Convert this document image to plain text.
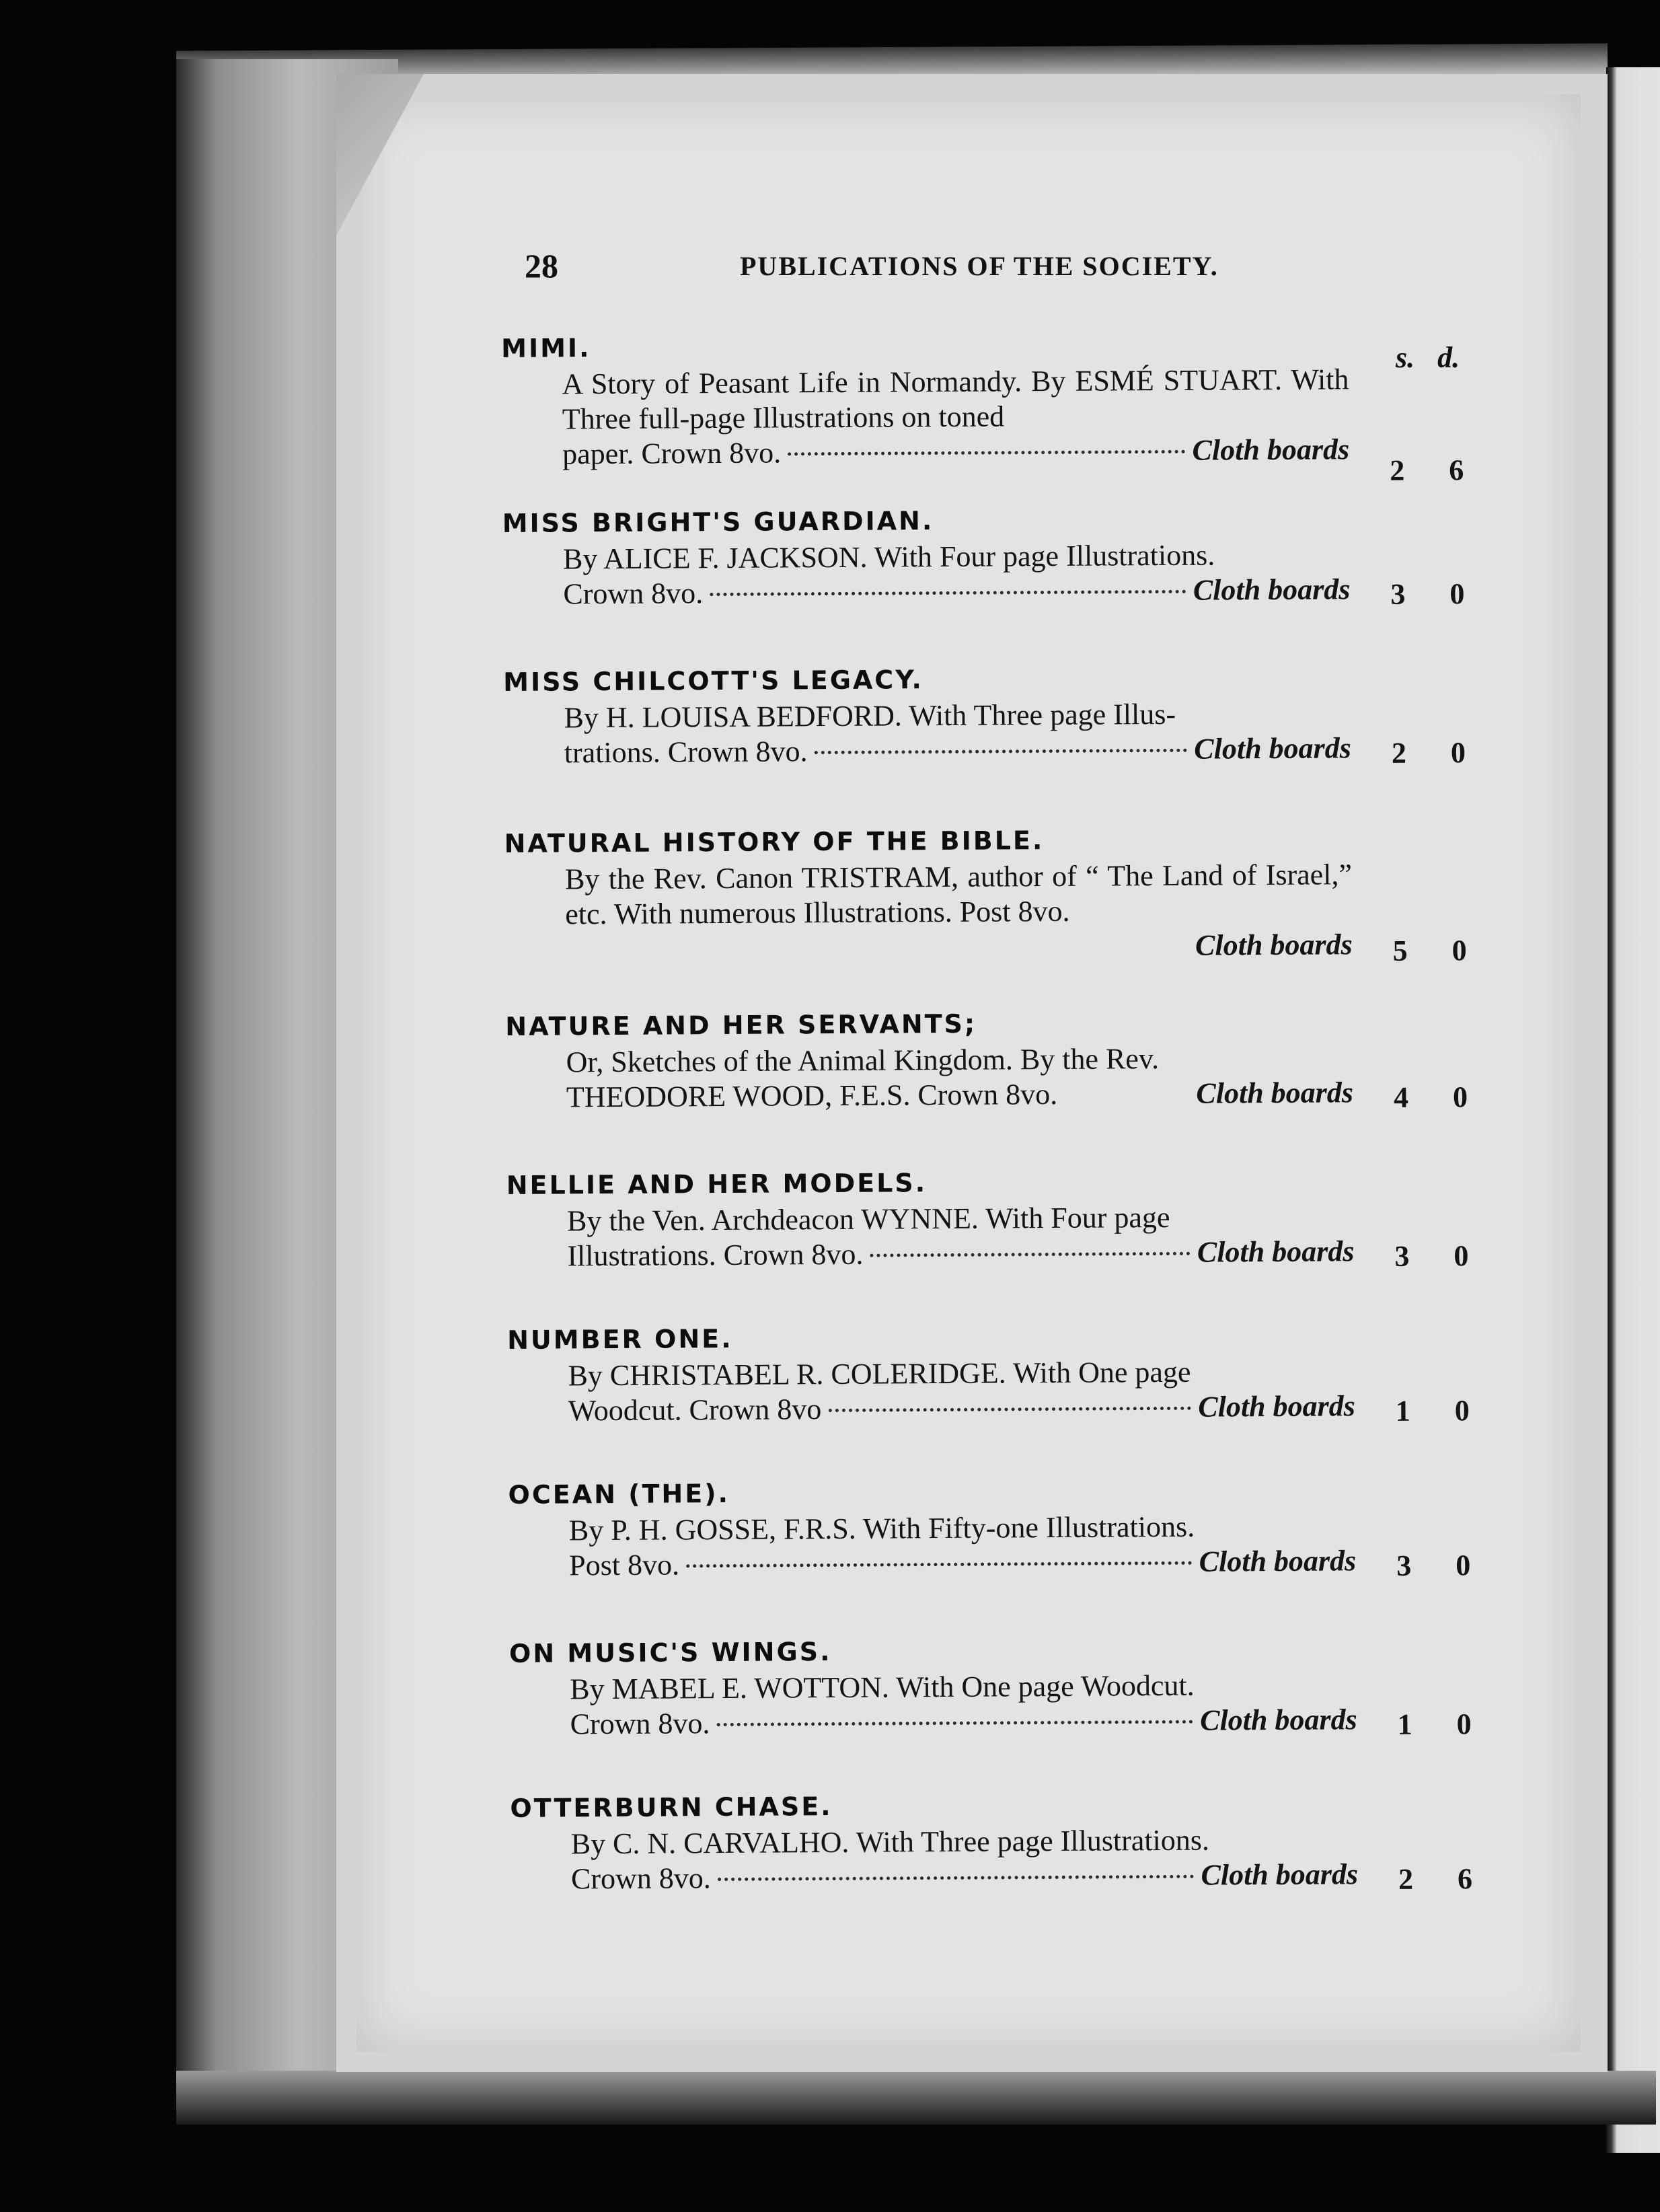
28	PUBLICATIONS OF THE SOCIETY.
s. d.
MIMI.
A Story of Peasant Life in Normandy. By ESMÉ STUART. With Three full-page Illustrations on toned
paper. Crown 8vo.	Cloth boards
2 6
MISS BRIGHT'S GUARDIAN.
By ALICE F. JACKSON. With Four page Illustrations.
Crown 8vo.	Cloth boards 3 0
MISS CHILCOTT'S LEGACY.
By H. LOUISA BEDFORD. With Three page Illus-
trations. Crown 8vo.	Cloth boards 2 0
NATURAL HISTORY OF THE BIBLE.
By the Rev. Canon TRISTRAM, author of “ The Land of Israel,” etc. With numerous Illustrations. Post 8vo.
Cloth boards 5 0
NATURE AND HER SERVANTS;
Or, Sketches of the Animal Kingdom. By the Rev.
THEODORE WOOD, F.E.S. Crown 8vo.	Cloth boards 4 0
NELLIE AND HER MODELS.
By the Ven. Archdeacon WYNNE. With Four page
Illustrations. Crown 8vo.	Cloth boards 3 0
NUMBER ONE.
By CHRISTABEL R. COLERIDGE. With One page
Woodcut. Crown 8vo	Cloth boards 1 0
OCEAN (THE).
By P. H. GOSSE, F.R.S. With Fifty-one Illustrations.
Post 8vo.	Cloth boards 3 0
ON MUSIC'S WINGS.
By MABEL E. WOTTON. With One page Woodcut.
Crown 8vo.	Cloth boards 1 0
OTTERBURN CHASE.
By C. N. CARVALHO. With Three page Illustrations.
Crown 8vo.	Cloth boards 2 6
